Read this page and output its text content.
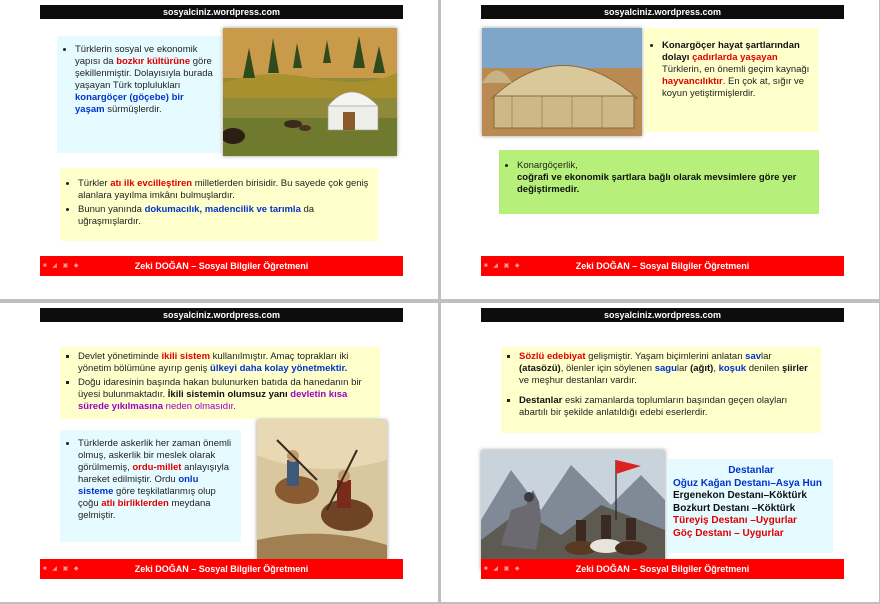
sosyalciniz.wordpress.com
• Türklerin sosyal ve ekonomik yapısı da bozkır kültürüne göre şekillenmiştir. Dolayısıyla burada yaşayan Türk toplulukları konargöçer (göçebe) bir yaşam sürmüşlerdir.
• Türkler atı ilk evcilleştiren milletlerden birisidir. Bu sayede çok geniş alanlara yayılma imkânı bulmuşlardır.
• Bunun yanında dokumacılık, madencilik ve tarımla da uğraşmışlardır.
■ ◢ ▣ ◆	Zeki DOĞAN – Sosyal Bilgiler Öğretmeni
sosyalciniz.wordpress.com
• Konargöçer hayat şartlarından dolayı çadırlarda yaşayan Türklerin, en önemli geçim kaynağı hayvancılıktır. En çok at, sığır ve koyun yetiştirmişlerdir.
• Konargöçerlik,
coğrafi ve ekonomik şartlara bağlı olarak mevsimlere göre yer değiştirmedir.
■ ◢ ▣ ◆	Zeki DOĞAN – Sosyal Bilgiler Öğretmeni
sosyalciniz.wordpress.com
▪ Devlet yönetiminde ikili sistem kullanılmıştır. Amaç toprakları iki yönetim bölümüne ayırıp geniş ülkeyi daha kolay yönetmektir.
▪ Doğu idaresinin başında hakan bulunurken batıda da hanedanın bir üyesi bulunmaktadır. İkili sistemin olumsuz yanı devletin kısa sürede yıkılmasına neden olmasıdır.
• Türklerde askerlik her zaman önemli olmuş, askerlik bir meslek olarak görülmemiş, ordu-millet anlayışıyla hareket edilmiştir. Ordu onlu sisteme göre teşkilatlanmış olup çoğu atlı birliklerden meydana gelmiştir.
■ ◢ ▣ ◆	Zeki DOĞAN – Sosyal Bilgiler Öğretmeni
sosyalciniz.wordpress.com
▪ Sözlü edebiyat gelişmiştir. Yaşam biçimlerini anlatan savlar (atasözü), ölenler için söylenen sagular (ağıt), koşuk denilen şiirler ve meşhur destanları vardır.
▪ Destanlar eski zamanlarda toplumların başından geçen olayları abartılı bir şekilde anlatıldığı edebi eserlerdir.
Destanlar
Oğuz Kağan Destanı–Asya Hun
Ergenekon Destanı–Köktürk
Bozkurt Destanı –Köktürk
Türeyiş Destanı –Uygurlar
Göç Destanı – Uygurlar
■ ◢ ▣ ◆	Zeki DOĞAN – Sosyal Bilgiler Öğretmeni
